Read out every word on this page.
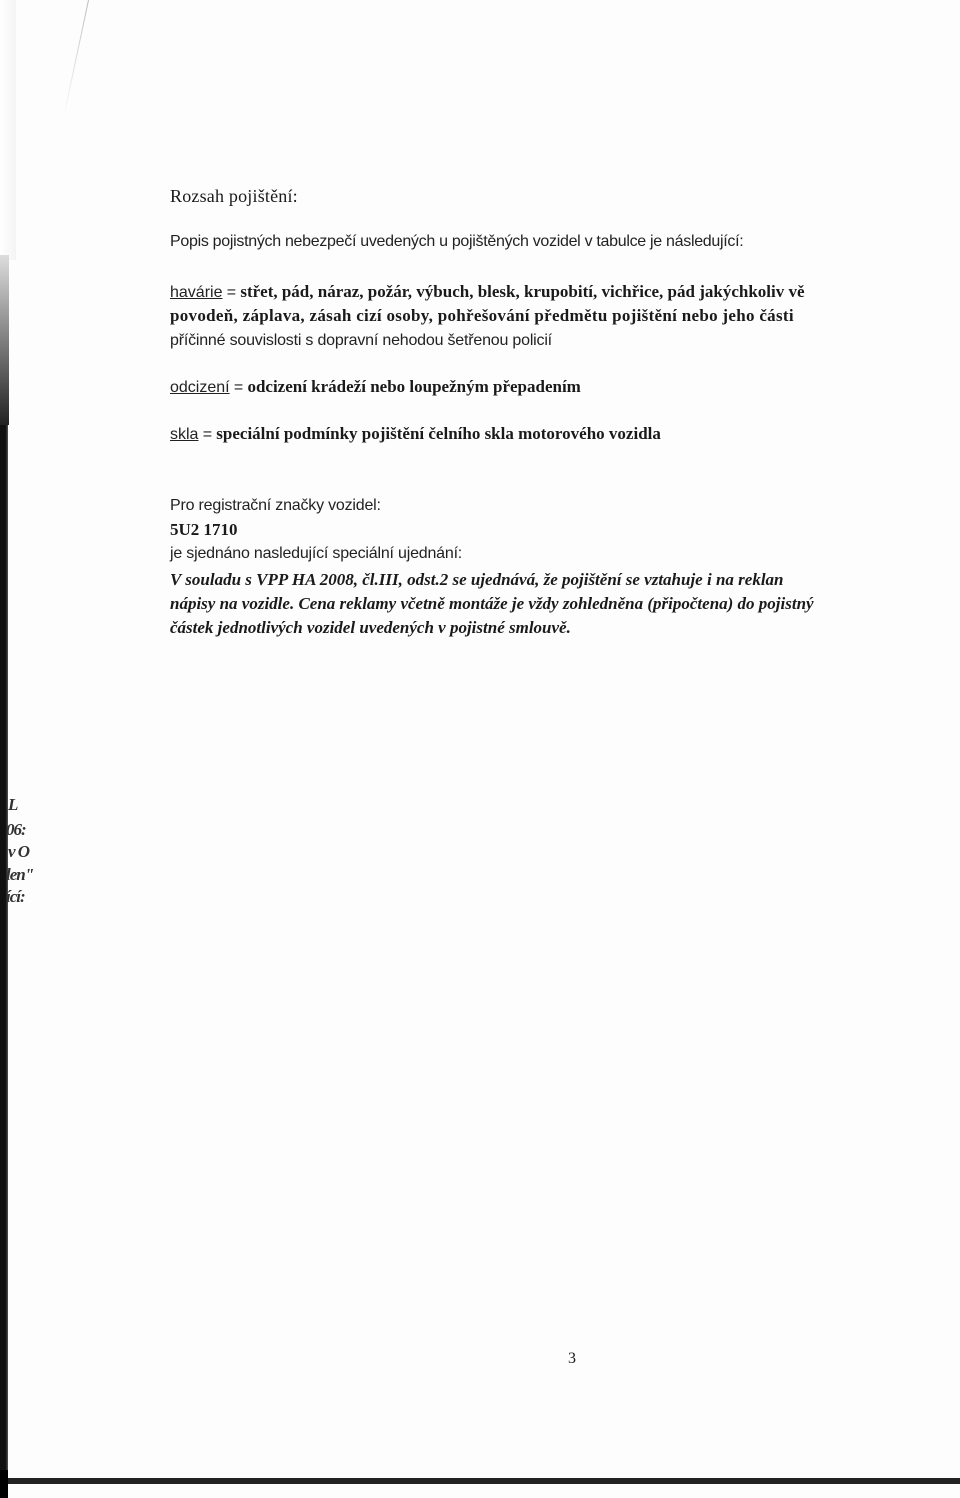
L
06:
v O
len"
ící:
Rozsah pojištění:
Popis pojistných nebezpečí uvedených u pojištěných vozidel v tabulce je následující:
havárie = střet, pád, náraz, požár, výbuch, blesk, krupobití, vichřice, pád jakýchkoliv vě
povodeň, záplava, zásah cizí osoby, pohřešování předmětu pojištění nebo jeho části
příčinné souvislosti s dopravní nehodou šetřenou policií
odcizení = odcizení krádeží nebo loupežným přepadením
skla = speciální podmínky pojištění čelního skla motorového vozidla
Pro registrační značky vozidel:
5U2 1710
je sjednáno nasledující speciální ujednání:
V souladu s VPP HA 2008, čl.III, odst.2 se ujednává, že pojištění se vztahuje i na reklan
nápisy na vozidle. Cena reklamy včetně montáže je vždy zohledněna (připočtena) do pojistný
částek jednotlivých vozidel uvedených v pojistné smlouvě.
3
